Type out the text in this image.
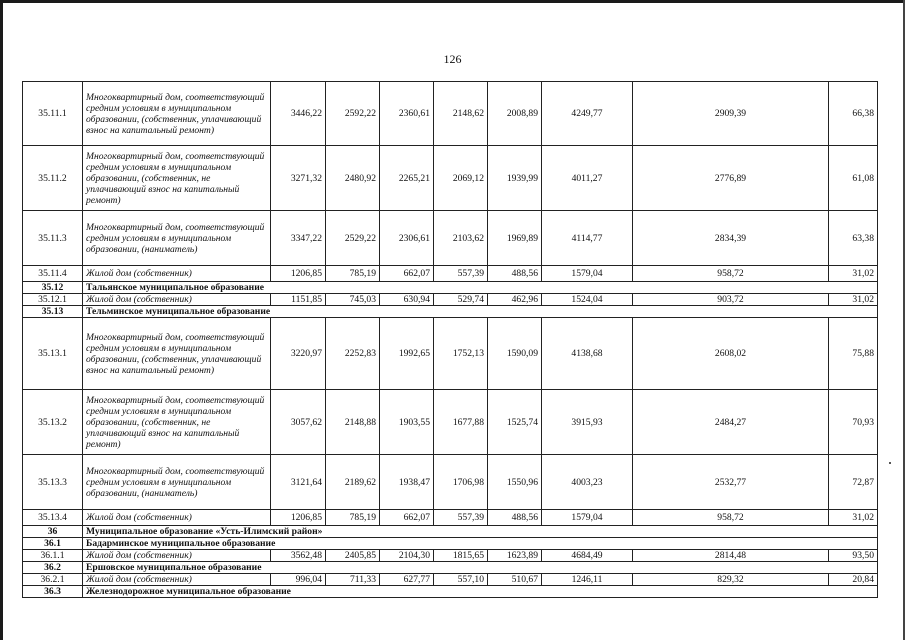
126
35.11.1	Многоквартирный дом, соответствующий средним условиям в муниципальном образовании, (собственник, уплачивающий взнос на капитальный ремонт)	3446,22	2592,22	2360,61	2148,62	2008,89	4249,77	2909,39	66,38
35.11.2	Многоквартирный дом, соответствующий средним условиям в муниципальном образовании, (собственник, не уплачивающий взнос на капитальный ремонт)	3271,32	2480,92	2265,21	2069,12	1939,99	4011,27	2776,89	61,08
35.11.3	Многоквартирный дом, соответствующий средним условиям в муниципальном образовании, (наниматель)	3347,22	2529,22	2306,61	2103,62	1969,89	4114,77	2834,39	63,38
35.11.4	Жилой дом (собственник)	1206,85	785,19	662,07	557,39	488,56	1579,04	958,72	31,02
35.12	Тальянское муниципальное образование								
35.12.1	Жилой дом (собственник)	1151,85	745,03	630,94	529,74	462,96	1524,04	903,72	31,02
35.13	Тельминское муниципальное образование								
35.13.1	Многоквартирный дом, соответствующий средним условиям в муниципальном образовании, (собственник, уплачивающий взнос на капитальный ремонт)	3220,97	2252,83	1992,65	1752,13	1590,09	4138,68	2608,02	75,88
35.13.2	Многоквартирный дом, соответствующий средним условиям в муниципальном образовании, (собственник, не уплачивающий взнос на капитальный ремонт)	3057,62	2148,88	1903,55	1677,88	1525,74	3915,93	2484,27	70,93
35.13.3	Многоквартирный дом, соответствующий средним условиям в муниципальном образовании, (наниматель)	3121,64	2189,62	1938,47	1706,98	1550,96	4003,23	2532,77	72,87
35.13.4	Жилой дом (собственник)	1206,85	785,19	662,07	557,39	488,56	1579,04	958,72	31,02
36	Муниципальное образование «Усть-Илимский район»								
36.1	Бадарминское муниципальное образование								
36.1.1	Жилой дом (собственник)	3562,48	2405,85	2104,30	1815,65	1623,89	4684,49	2814,48	93,50
36.2	Ершовское муниципальное образование								
36.2.1	Жилой дом (собственник)	996,04	711,33	627,77	557,10	510,67	1246,11	829,32	20,84
36.3	Железнодорожное муниципальное образование								
